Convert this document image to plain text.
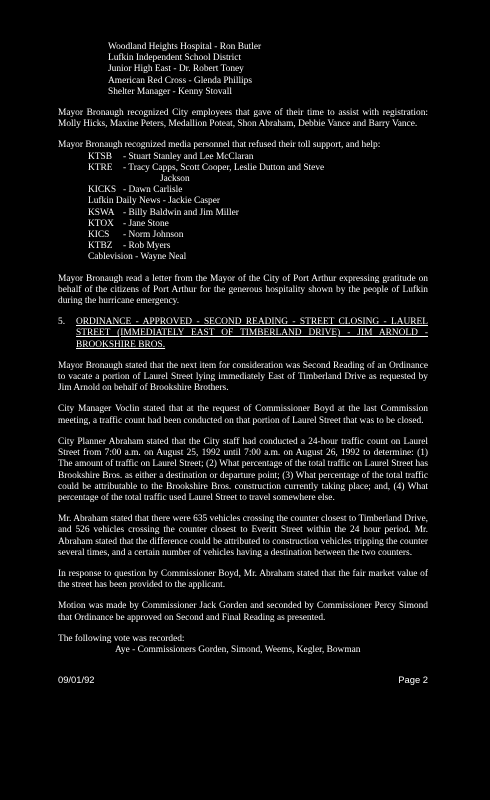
Woodland Heights Hospital - Ron Butler
Lufkin Independent School District
Junior High East - Dr. Robert Toney
American Red Cross - Glenda Phillips
Shelter Manager - Kenny Stovall

Mayor Bronaugh recognized City employees that gave of their time to assist with registration: Molly Hicks, Maxine Peters, Medallion Poteat, Shon Abraham, Debbie Vance and Barry Vance.

Mayor Bronaugh recognized media personnel that refused their toll support, and help:

KTSB	- Stuart Stanley and Lee McClaran
KTRE	- Tracy Capps, Scott Cooper, Leslie Dutton and Steve
Jackson
KICKS - Dawn Carlisle
Lufkin Daily News - Jackie Casper
KSWA - Billy Baldwin and Jim Miller
KTOX - Jane Stone
KICS	- Norm Johnson
KTBZ	- Rob Myers
Cablevision - Wayne Neal

Mayor Bronaugh read a letter from the Mayor of the City of Port Arthur expressing gratitude on behalf of the citizens of Port Arthur for the generous hospitality shown by the people of Lufkin during the hurricane emergency.

5.	ORDINANCE - APPROVED - SECOND READING - STREET CLOSING - LAUREL STREET (IMMEDIATELY EAST OF TIMBERLAND DRIVE) - JIM ARNOLD - BROOKSHIRE BROS.

Mayor Bronaugh stated that the next item for consideration was Second Reading of an Ordinance to vacate a portion of Laurel Street lying immediately East of Timberland Drive as requested by Jim Arnold on behalf of Brookshire Brothers.

City Manager Voclin stated that at the request of Commissioner Boyd at the last Commission meeting, a traffic count had been conducted on that portion of Laurel Street that was to be closed.

City Planner Abraham stated that the City staff had conducted a 24-hour traffic count on Laurel Street from 7:00 a.m. on August 25, 1992 until 7:00 a.m. on August 26, 1992 to determine: (1) The amount of traffic on Laurel Street; (2) What percentage of the total traffic on Laurel Street has Brookshire Bros. as either a destination or departure point; (3) What percentage of the total traffic could be attributable to the Brookshire Bros. construction currently taking place; and, (4) What percentage of the total traffic used Laurel Street to travel somewhere else.

Mr. Abraham stated that there were 635 vehicles crossing the counter closest to Timberland Drive, and 526 vehicles crossing the counter closest to Everitt Street within the 24 hour period. Mr. Abraham stated that the difference could be attributed to construction vehicles tripping the counter several times, and a certain number of vehicles having a destination between the two counters.

In response to question by Commissioner Boyd, Mr. Abraham stated that the fair market value of the street has been provided to the applicant.

Motion was made by Commissioner Jack Gorden and seconded by Commissioner Percy Simond that Ordinance be approved on Second and Final Reading as presented.

The following vote was recorded:
Aye - Commissioners Gorden, Simond, Weems, Kegler, Bowman
09/01/92	Page 2
